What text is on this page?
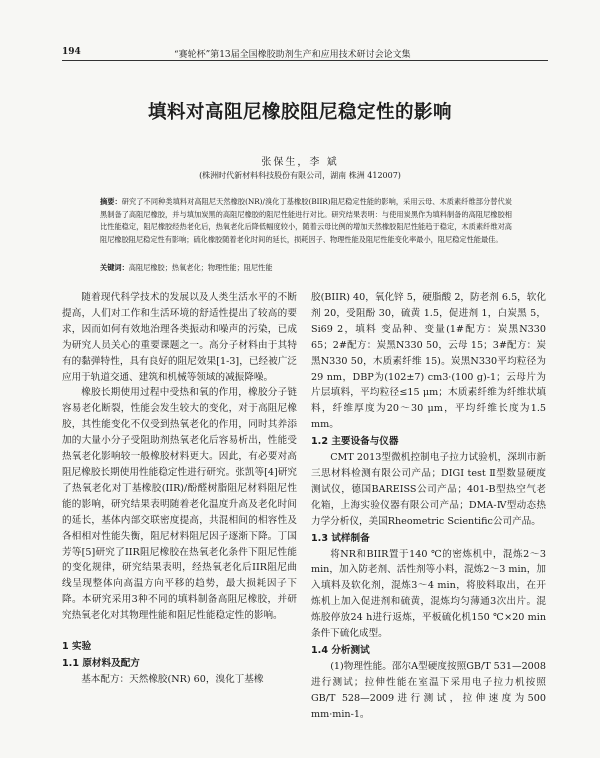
194	“赛轮杯”第13届全国橡胶助剂生产和应用技术研讨会论文集
填料对高阻尼橡胶阻尼稳定性的影响
张保生，李 斌
(株洲时代新材料科技股份有限公司，湖南 株洲 412007)
摘要：研究了不同种类填料对高阻尼天然橡胶(NR)/溴化丁基橡胶(BIIR)阻尼稳定性能的影响，采用云母、木质素纤维部分替代炭黑制备了高阻尼橡胶，并与填加炭黑的高阻尼橡胶的阻尼性能进行对比。研究结果表明：与使用炭黑作为填料制备的高阻尼橡胶相比性能稳定，阻尼橡胶经热老化后，热氧老化后降低幅度较小，随着云母比例的增加天然橡胶阻尼性能趋于稳定，木质素纤维对高阻尼橡胶阻尼稳定性有影响；硫化橡胶随着老化时间的延长，损耗因子、物理性能及阻尼性能变化率最小，阻尼稳定性能最佳。
关键词：高阻尼橡胶；热氧老化；物理性能；阻尼性能

随着现代科学技术的发展以及人类生活水平的不断提高，人们对工作和生活环境的舒适性提出了较高的要求，因而如何有效地治理各类振动和噪声的污染，已成为研究人员关心的重要课题之一。高分子材料由于其特有的黏弹特性，具有良好的阻尼效果[1-3]，已经被广泛应用于轨道交通、建筑和机械等领域的减振降噪。

橡胶长期使用过程中受热和氧的作用，橡胶分子链容易老化断裂，性能会发生较大的变化，对于高阻尼橡胶，其性能变化不仅受到热氧老化的作用，同时其养添加的大量小分子受阻助剂热氧老化后容易析出，性能受热氧老化影响较一般橡胶材料更大。因此，有必要对高阻尼橡胶长期使用性能稳定性进行研究。张凯等[4]研究了热氧老化对丁基橡胶(IIR)/酚醛树脂阻尼材料阻尼性能的影响，研究结果表明随着老化温度升高及老化时间的延长，基体内部交联密度提高，共混相间的相容性及各相相对性能失衡，阻尼材料阻尼因子逐渐下降。丁国芳等[5]研究了IIR阻尼橡胶在热氧老化条件下阻尼性能的变化规律，研究结果表明，经热氧老化后IIR阻尼曲线呈现整体向高温方向平移的趋势，最大损耗因子下降。本研究采用3种不同的填料制备高阻尼橡胶，并研究热氧老化对其物理性能和阻尼性能稳定性的影响。

1 实验
1.1 原材料及配方

基本配方：天然橡胶(NR) 60，溴化丁基橡

胶(BIIR) 40，氧化锌 5，硬脂酸 2，防老剂 6.5，软化剂 20，受阻酚 30，硫黄 1.5，促进剂 1，白炭黑 5，Si69 2，填料 变品种、变量(1#配方：炭黑N330 65；2#配方：炭黑N330 50，云母 15；3#配方：炭黑N330 50，木质素纤维 15)。炭黑N330平均粒径为29 nm，DBP为(102±7) cm3·(100 g)-1；云母片为片层填料，平均粒径≤15 μm；木质素纤维为纤维状填料，纤维厚度为20～30 μm，平均纤维长度为1.5 mm。

1.2 主要设备与仪器

CMT 2013型微机控制电子拉力试验机，深圳市新三思材料检测有限公司产品；DIGI test Ⅱ型数显硬度测试仪，德国BAREISS公司产品；401-B型热空气老化箱，上海实验仪器有限公司产品；DMA-Ⅳ型动态热力学分析仪，美国Rheometric Scientific公司产品。

1.3 试样制备

将NR和BIIR置于140 ℃的密炼机中，混炼2～3 min，加入防老剂、活性剂等小料，混炼2～3 min，加入填料及软化剂，混炼3～4 min，将胶料取出，在开炼机上加入促进剂和硫黄，混炼均匀薄通3次出片。混炼胶停放24 h进行返炼，平板硫化机150 ℃×20 min条件下硫化成型。

1.4 分析测试

(1)物理性能。邵尔A型硬度按照GB/T 531—2008进行测试；拉伸性能在室温下采用电子拉力机按照GB/T 528—2009进行测试，拉伸速度为500 mm·min-1。
